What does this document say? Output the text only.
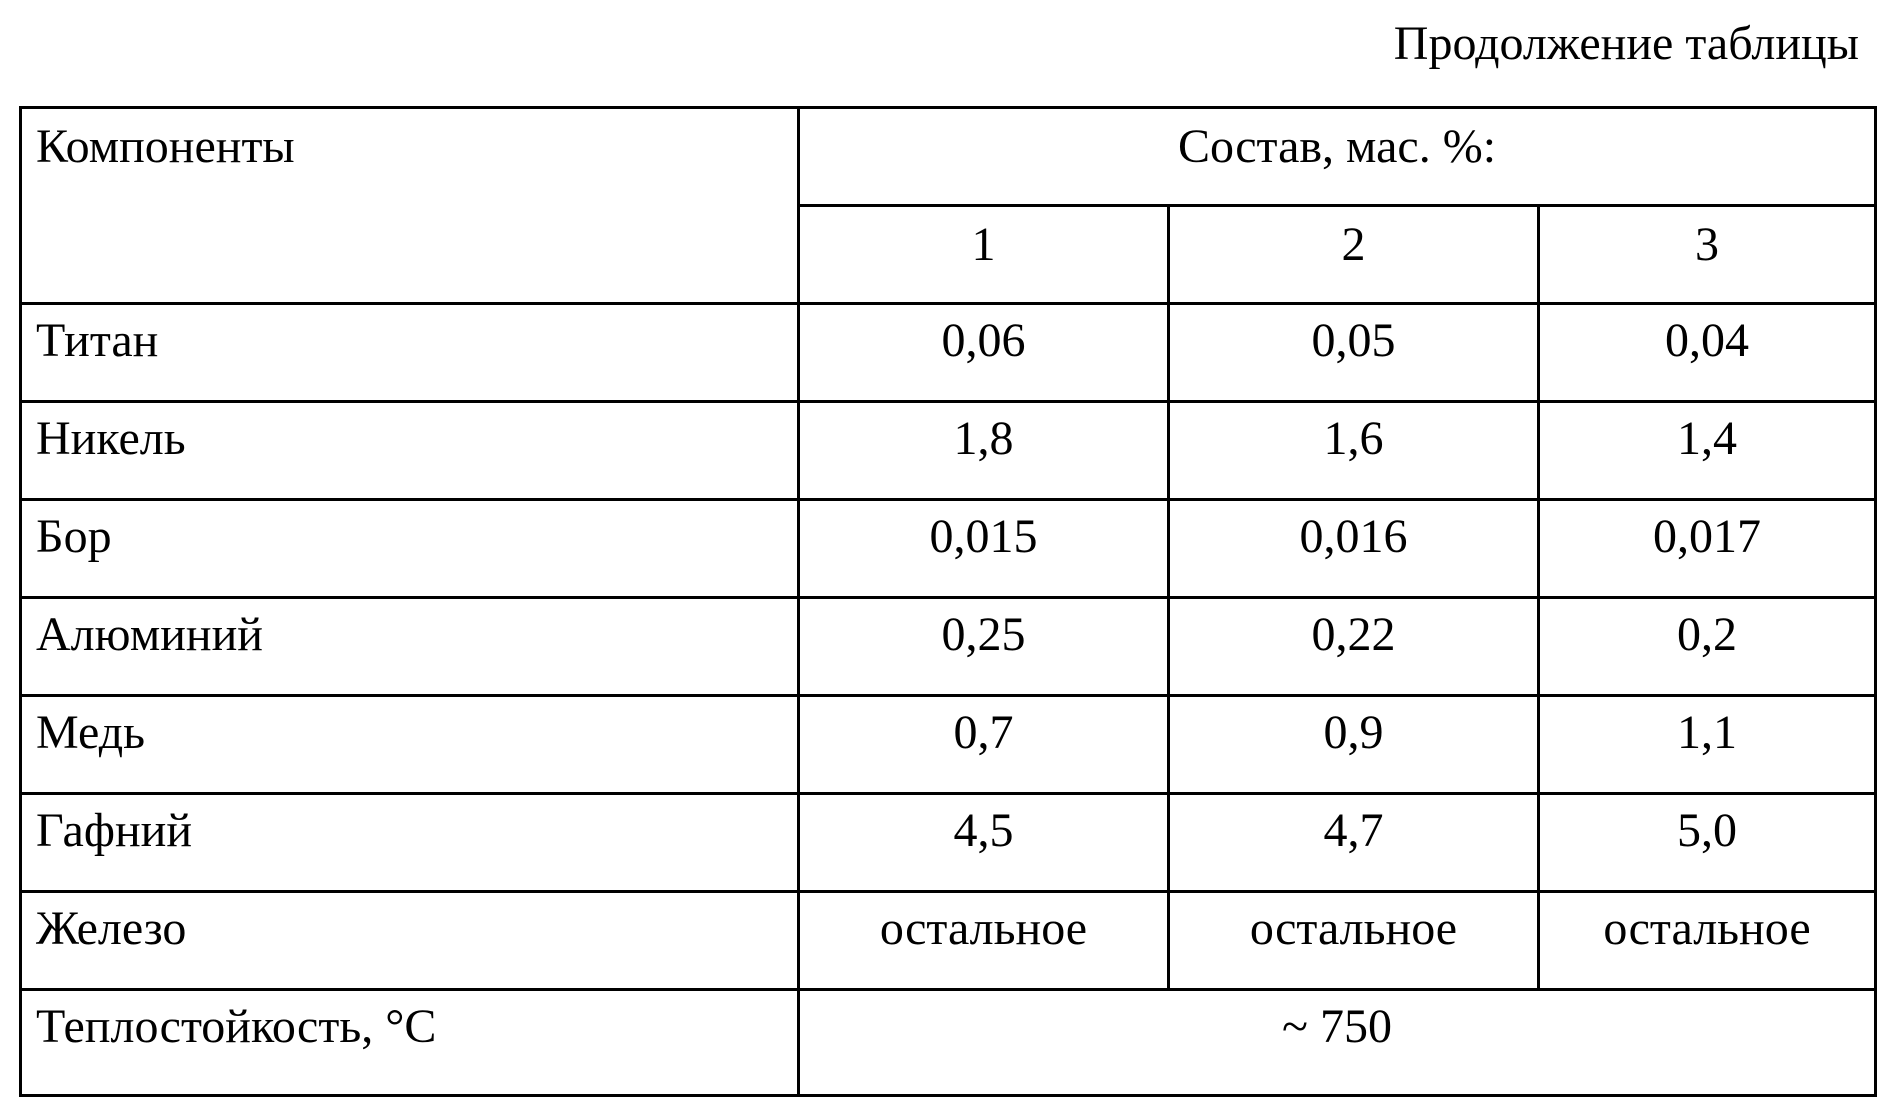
Продолжение таблицы
Компоненты	Состав, мас. %:		
	1	2	3
Титан	0,06	0,05	0,04
Никель	1,8	1,6	1,4
Бор	0,015	0,016	0,017
Алюминий	0,25	0,22	0,2
Медь	0,7	0,9	1,1
Гафний	4,5	4,7	5,0
Железо	остальное	остальное	остальное
Теплостойкость, °С	~ 750		
